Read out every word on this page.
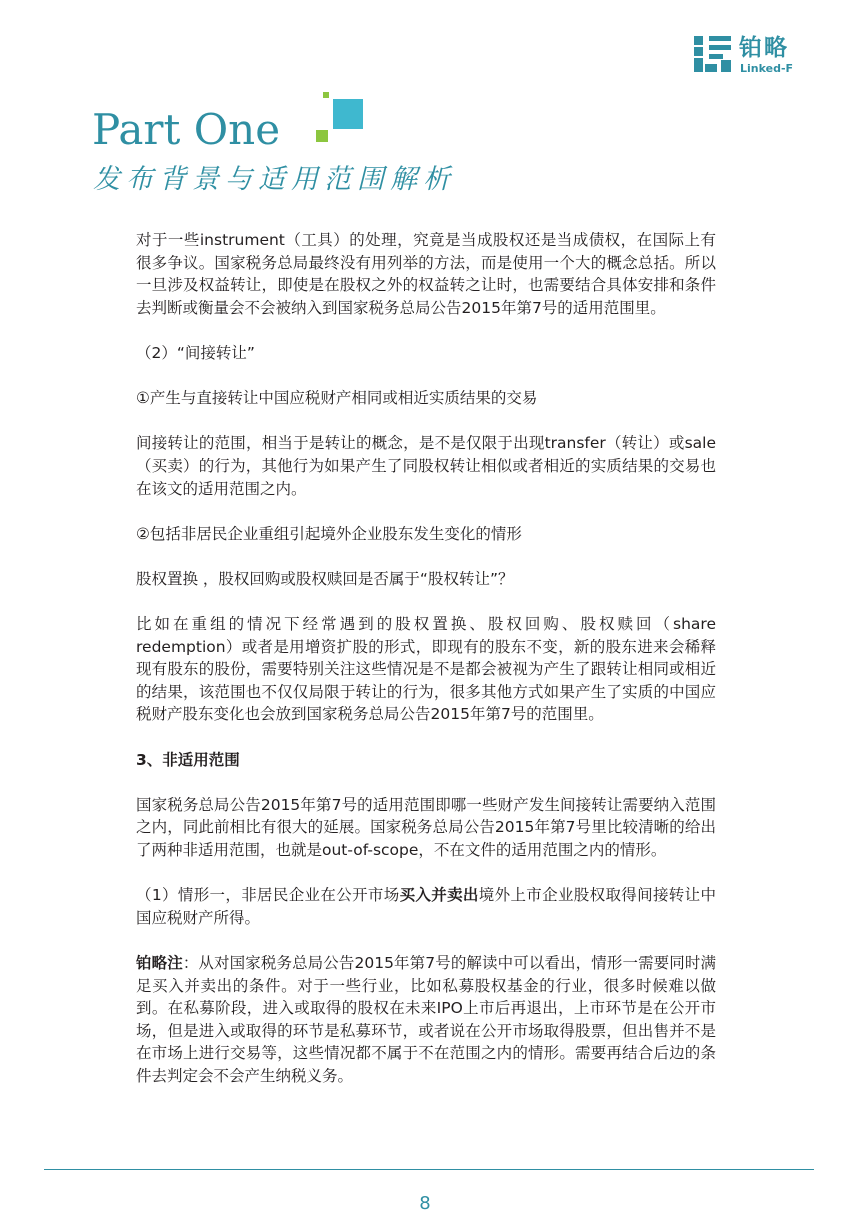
铂略
Linked-F
Part One
发布背景与适用范围解析

对于一些instrument（工具）的处理，究竟是当成股权还是当成债权，在国际上有很多争议。国家税务总局最终没有用列举的方法，而是使用一个大的概念总括。所以一旦涉及权益转让，即使是在股权之外的权益转之让时，也需要结合具体安排和条件去判断或衡量会不会被纳入到国家税务总局公告2015年第7号的适用范围里。

（2）“间接转让”

①产生与直接转让中国应税财产相同或相近实质结果的交易

间接转让的范围，相当于是转让的概念，是不是仅限于出现transfer（转让）或sale（买卖）的行为，其他行为如果产生了同股权转让相似或者相近的实质结果的交易也在该文的适用范围之内。

②包括非居民企业重组引起境外企业股东发生变化的情形

股权置换 ，股权回购或股权赎回是否属于“股权转让”？

比如在重组的情况下经常遇到的股权置换、股权回购、股权赎回（share redemption）或者是用增资扩股的形式，即现有的股东不变，新的股东进来会稀释现有股东的股份，需要特别关注这些情况是不是都会被视为产生了跟转让相同或相近的结果，该范围也不仅仅局限于转让的行为，很多其他方式如果产生了实质的中国应税财产股东变化也会放到国家税务总局公告2015年第7号的范围里。

3、非适用范围

国家税务总局公告2015年第7号的适用范围即哪一些财产发生间接转让需要纳入范围之内，同此前相比有很大的延展。国家税务总局公告2015年第7号里比较清晰的给出了两种非适用范围，也就是out-of-scope，不在文件的适用范围之内的情形。

（1）情形一，非居民企业在公开市场买入并卖出境外上市企业股权取得间接转让中国应税财产所得。

铂略注：从对国家税务总局公告2015年第7号的解读中可以看出，情形一需要同时满足买入并卖出的条件。对于一些行业，比如私募股权基金的行业，很多时候难以做到。在私募阶段，进入或取得的股权在未来IPO上市后再退出，上市环节是在公开市场，但是进入或取得的环节是私募环节，或者说在公开市场取得股票，但出售并不是在市场上进行交易等，这些情况都不属于不在范围之内的情形。需要再结合后边的条件去判定会不会产生纳税义务。

8
